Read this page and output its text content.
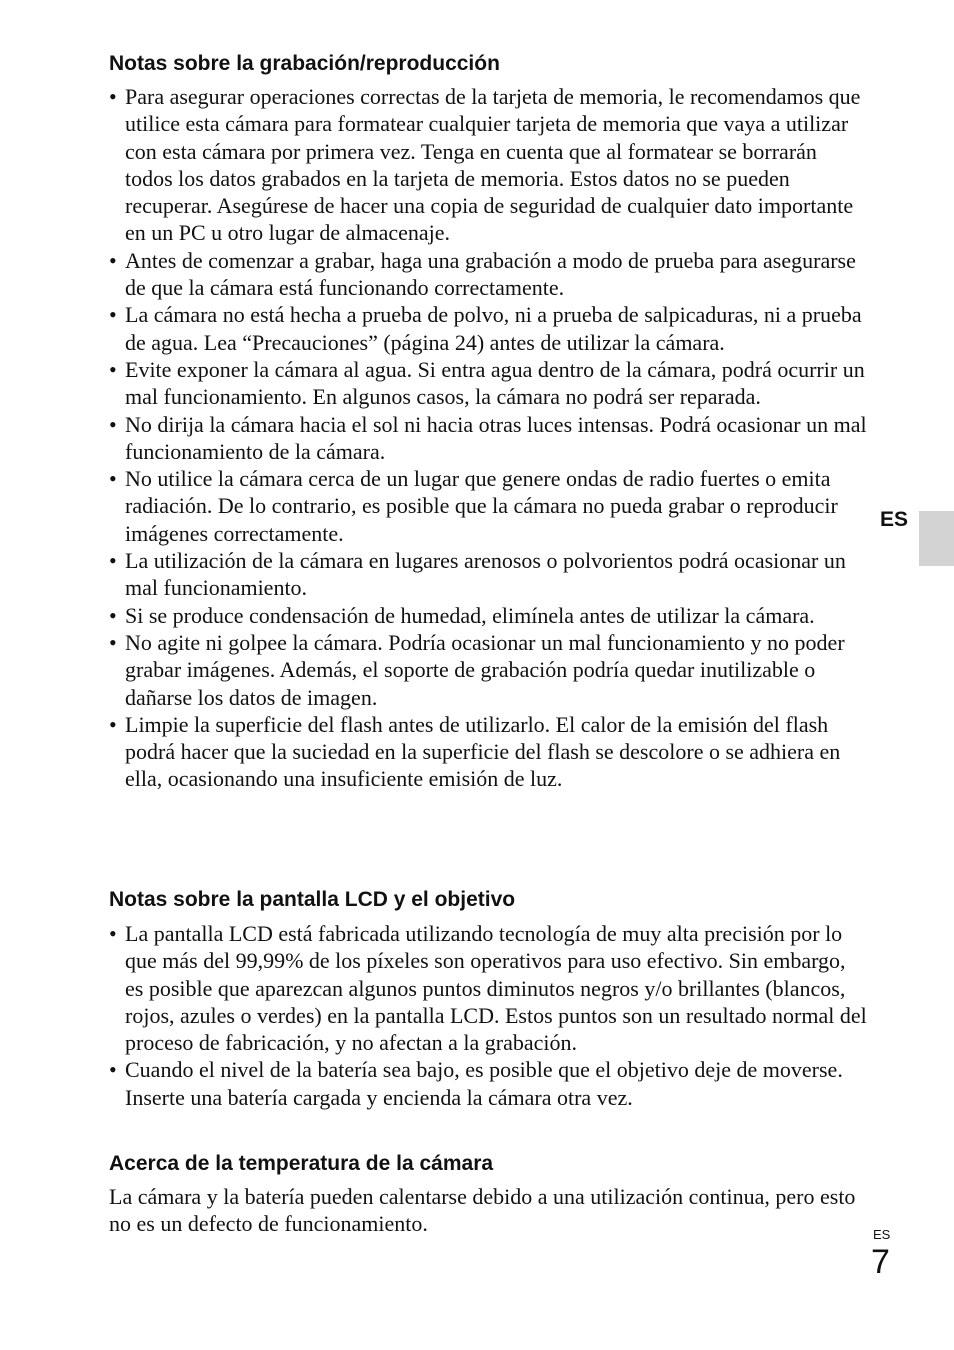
Notas sobre la grabación/reproducción
• Para asegurar operaciones correctas de la tarjeta de memoria, le recomendamos que utilice esta cámara para formatear cualquier tarjeta de memoria que vaya a utilizar con esta cámara por primera vez. Tenga en cuenta que al formatear se borrarán todos los datos grabados en la tarjeta de memoria. Estos datos no se pueden recuperar. Asegúrese de hacer una copia de seguridad de cualquier dato importante en un PC u otro lugar de almacenaje.
• Antes de comenzar a grabar, haga una grabación a modo de prueba para asegurarse de que la cámara está funcionando correctamente.
• La cámara no está hecha a prueba de polvo, ni a prueba de salpicaduras, ni a prueba de agua. Lea “Precauciones” (página 24) antes de utilizar la cámara.
• Evite exponer la cámara al agua. Si entra agua dentro de la cámara, podrá ocurrir un mal funcionamiento. En algunos casos, la cámara no podrá ser reparada.
• No dirija la cámara hacia el sol ni hacia otras luces intensas. Podrá ocasionar un mal funcionamiento de la cámara.
• No utilice la cámara cerca de un lugar que genere ondas de radio fuertes o emita radiación. De lo contrario, es posible que la cámara no pueda grabar o reproducir imágenes correctamente.
• La utilización de la cámara en lugares arenosos o polvorientos podrá ocasionar un mal funcionamiento.
• Si se produce condensación de humedad, elimínela antes de utilizar la cámara.
• No agite ni golpee la cámara. Podría ocasionar un mal funcionamiento y no poder grabar imágenes. Además, el soporte de grabación podría quedar inutilizable o dañarse los datos de imagen.
• Limpie la superficie del flash antes de utilizarlo. El calor de la emisión del flash podrá hacer que la suciedad en la superficie del flash se descolore o se adhiera en ella, ocasionando una insuficiente emisión de luz.
Notas sobre la pantalla LCD y el objetivo
• La pantalla LCD está fabricada utilizando tecnología de muy alta precisión por lo que más del 99,99% de los píxeles son operativos para uso efectivo. Sin embargo, es posible que aparezcan algunos puntos diminutos negros y/o brillantes (blancos, rojos, azules o verdes) en la pantalla LCD. Estos puntos son un resultado normal del proceso de fabricación, y no afectan a la grabación.
• Cuando el nivel de la batería sea bajo, es posible que el objetivo deje de moverse. Inserte una batería cargada y encienda la cámara otra vez.
Acerca de la temperatura de la cámara

La cámara y la batería pueden calentarse debido a una utilización continua, pero esto no es un defecto de funcionamiento.

ES
ES
7
